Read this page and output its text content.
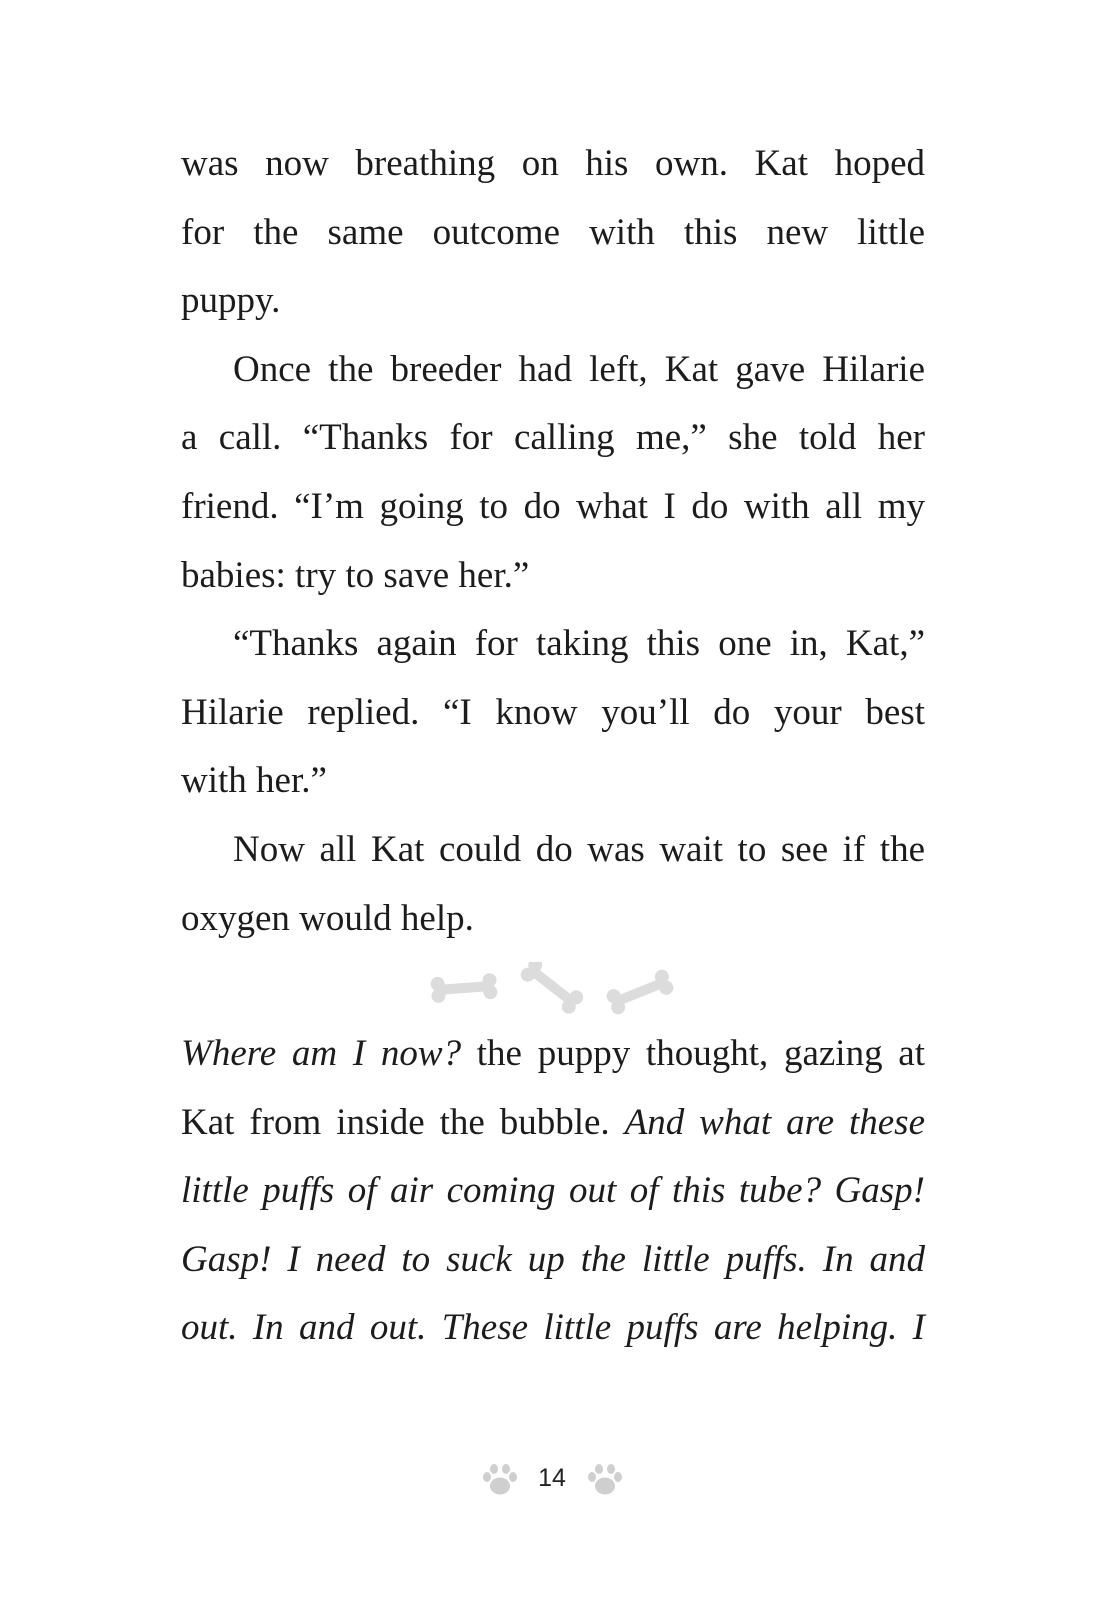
was now breathing on his own. Kat hoped
for the same outcome with this new little
puppy.
Once the breeder had left, Kat gave Hilarie
a call. “Thanks for calling me,” she told her
friend. “I’m going to do what I do with all my
babies: try to save her.”
“Thanks again for taking this one in, Kat,”
Hilarie replied. “I know you’ll do your best
with her.”
Now all Kat could do was wait to see if the
oxygen would help.
Where am I now? the puppy thought, gazing at
Kat from inside the bubble. And what are these
little puffs of air coming out of this tube? Gasp!
Gasp! I need to suck up the little puffs. In and
out. In and out. These little puffs are helping. I
14
